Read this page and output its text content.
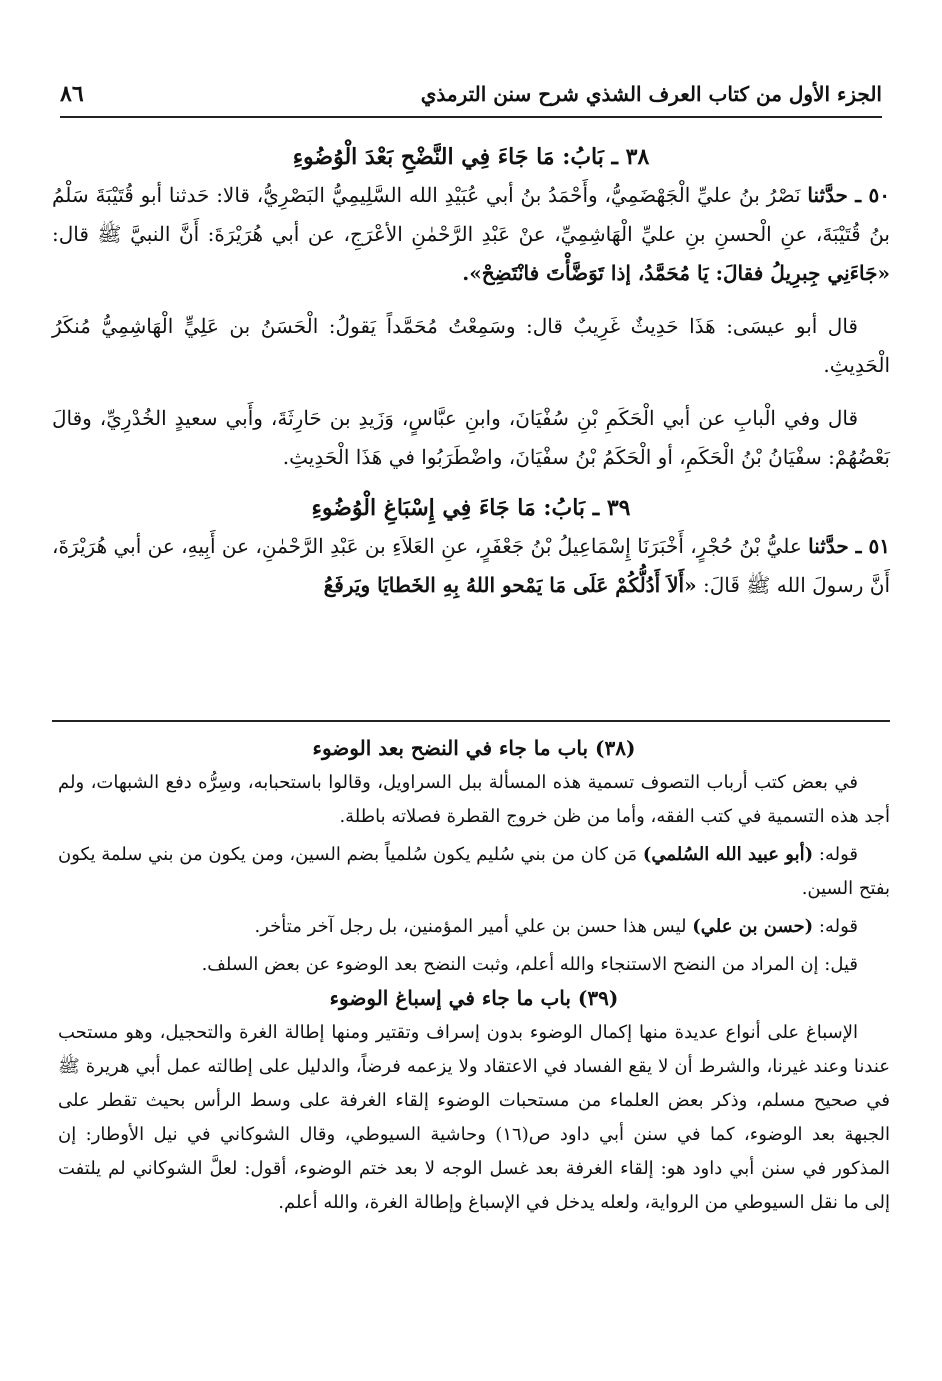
الجزء الأول من كتاب العرف الشذي شرح سنن الترمذي
٨٦
٣٨ ـ بَابُ: مَا جَاءَ فِي النَّضْحِ بَعْدَ الْوُضُوءِ

٥٠ ـ حدَّثنا نَصْرُ بنُ عليِّ الْجَهْضَمِيُّ، وأَحْمَدُ بنُ أبي عُبَيْدِ الله السَّلِيمِيُّ البَصْرِيُّ، قالا: حَدثنا أبو قُتَيْبَةَ سَلْمُ بنُ قُتَيْبَةَ، عنِ الْحسنِ بنِ عليِّ الْهَاشِمِيِّ، عنْ عَبْدِ الرَّحْمٰنِ الأعْرَجِ، عن أبي هُرَيْرَةَ: أَنَّ النبيَّ ﷺ قال: «جَاءَنِي جِبرِيلُ فقالَ: يَا مُحَمَّدُ، إذا تَوَضَّأْتَ فانْتَضِحْ».

قال أبو عيسَى: هَذَا حَدِيثٌ غَرِيبٌ قال: وسَمِعْتُ مُحَمَّداً يَقولُ: الْحَسَنُ بن عَلِيٍّ الْهَاشِمِيُّ مُنكَرُ الْحَدِيثِ.

قال وفي الْبابِ عن أبي الْحَكَمِ بْنِ سُفْيَانَ، وابنِ عبَّاسٍ، وَزَيدِ بن حَارِثَةَ، وأَبي سعيدٍ الخُدْرِيِّ، وقالَ بَعْضُهُمْ: سفْيَانُ بْنُ الْحَكَمِ، أو الْحَكَمُ بْنُ سفْيَانَ، واضْطَرَبُوا في هَذَا الْحَدِيثِ.

٣٩ ـ بَابُ: مَا جَاءَ فِي إِسْبَاغِ الْوُضُوءِ

٥١ ـ حدَّثنا عليُّ بْنُ حُجْرٍ، أَخْبَرَنَا إِسْمَاعِيلُ بْنُ جَعْفَرٍ، عنِ العَلاَءِ بن عَبْدِ الرَّحْمٰنِ، عن أَبِيهِ، عن أبي هُرَيْرَةَ، أَنَّ رسولَ الله ﷺ قَالَ: «أَلاَ أَدُلُّكُمْ عَلَى مَا يَمْحو اللهُ بِهِ الخَطايَا ويَرفَعُ

(٣٨) باب ما جاء في النضح بعد الوضوء

في بعض كتب أرباب التصوف تسمية هذه المسألة ببل السراويل، وقالوا باستحبابه، وسِرُّه دفع الشبهات، ولم أجد هذه التسمية في كتب الفقه، وأما من ظن خروج القطرة فصلاته باطلة.

قوله: (أبو عبيد الله السُلمي) مَن كان من بني سُليم يكون سُلمياً بضم السين، ومن يكون من بني سلمة يكون بفتح السين.

قوله: (حسن بن علي) ليس هذا حسن بن علي أمير المؤمنين، بل رجل آخر متأخر.

قيل: إن المراد من النضح الاستنجاء والله أعلم، وثبت النضح بعد الوضوء عن بعض السلف.

(٣٩) باب ما جاء في إسباغ الوضوء

الإسباغ على أنواع عديدة منها إكمال الوضوء بدون إسراف وتقتير ومنها إطالة الغرة والتحجيل، وهو مستحب عندنا وعند غيرنا، والشرط أن لا يقع الفساد في الاعتقاد ولا يزعمه فرضاً، والدليل على إطالته عمل أبي هريرة ﷺ في صحيح مسلم، وذكر بعض العلماء من مستحبات الوضوء إلقاء الغرفة على وسط الرأس بحيث تقطر على الجبهة بعد الوضوء، كما في سنن أبي داود ص(١٦) وحاشية السيوطي، وقال الشوكاني في نيل الأوطار: إن المذكور في سنن أبي داود هو: إلقاء الغرفة بعد غسل الوجه لا بعد ختم الوضوء، أقول: لعلَّ الشوكاني لم يلتفت إلى ما نقل السيوطي من الرواية، ولعله يدخل في الإسباغ وإطالة الغرة، والله أعلم.
